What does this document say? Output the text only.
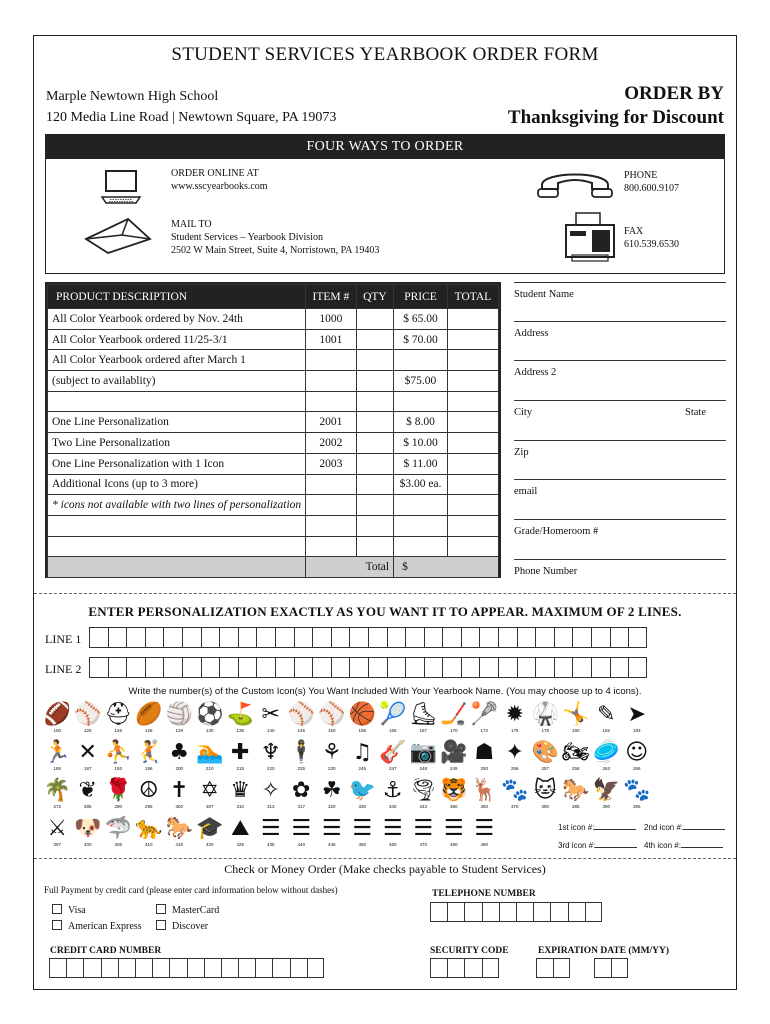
STUDENT SERVICES YEARBOOK ORDER FORM
Marple Newtown High School
120 Media Line Road | Newtown Square, PA 19073
ORDER BY
Thanksgiving for Discount
FOUR WAYS TO ORDER
ORDER ONLINE AT
www.sscyearbooks.com
MAIL TO
Student Services – Yearbook Division
2502 W Main Street, Suite 4, Norristown, PA 19403
PHONE
800.600.9107
FAX
610.539.6530
PRODUCT DESCRIPTION	ITEM #	QTY	PRICE	TOTAL
All Color Yearbook ordered by Nov. 24th	1000		$ 65.00	
All Color Yearbook ordered 11/25-3/1	1001		$ 70.00	
All Color Yearbook ordered after March 1				
(subject to availablity)			$75.00	

One Line Personalization	2001		$ 8.00	
Two Line Personalization	2002		$ 10.00	
One Line Personalization with 1 Icon	2003		$ 11.00	
Additional Icons (up to 3 more)			$3.00 ea.	
* icons not available with two lines of personalization				

	Total		$	
Student Name
Address
Address 2
City	State
Zip
email
Grade/Homeroom #
Phone Number
ENTER PERSONALIZATION EXACTLY AS YOU WANT IT TO APPEAR. MAXIMUM OF 2 LINES.
LINE 1
LINE 2
Write the number(s) of the Custom Icon(s) You Want Included With Your Yearbook Name. (You may choose up to 4 icons).
🏈
100
⚾
125
⛑
126
🏉
128
🏐
129
⚽
130
⛳
135
✂
140
⚾
145
⚾
150
🏀
155
🎾
165
⛸
167
🏒
170
🥍
172
✹
175
🥋
178
🤸
180
✎
182
➤
183
🏃
185
✕
187
⛹
193
🤾
196
♣
200
🏊
210
✚
215
♆
220
🕴
225
⚘
230
♫
245
🎸
247
📷
248
🎥
249
☗
250
✦
256
🎨
257
🏍
258
🥏
263
☺
266
🌴
272
❦
285
🌹
290
☮
295
✝
300
✡
307
♛
310
✧
313
✿
317
☘
320
🐦
330
⚓
340
🌪
343
🐯
350
🦌
360
🐾
370
🐱
380
🐎
385
🦅
390
🐾
395
⚔
397
🐶
400
🦈
405
🐆
410
🐎
415
🎓
420
⛰
425
☰
435
☰
440
☰
445
☰
450
☰
460
☰
470
☰
480
☰
490
1st icon #:	2nd icon #:
3rd icon #:	4th icon #:
Check or Money Order (Make checks payable to Student Services)
Full Payment by credit card (please enter card information below without dashes)
Visa	MasterCard
American Express	Discover
TELEPHONE NUMBER
CREDIT CARD NUMBER	SECURITY CODE	EXPIRATION DATE (MM/YY)
